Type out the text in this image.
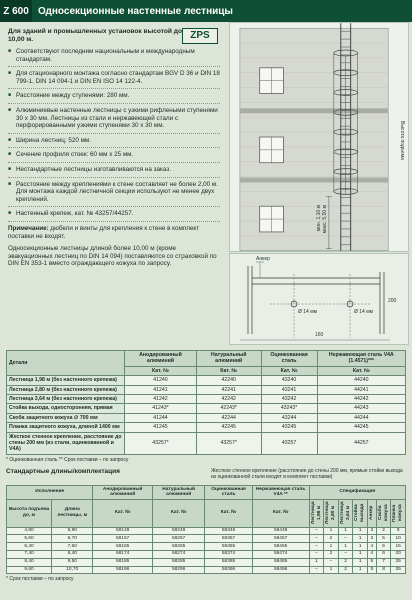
Z 600 Односекционные настенные лестницы
ZPS
Для зданий и промышленных установок высотой до 10,00 м.
■ Соответствуют последним национальным и международным стандартам.
■ Для стационарного монтажа согласно стандартам BGV D 36 и DIN 18 799-1, DIN 14 094-1 и DIN EN ISO 14 122-4.
■ Расстояние между ступенями: 280 мм.
■ Алюминиевые настенные лестницы с узкими рифлеными ступенями 30 х 30 мм. Лестницы из стали и нержавеющей стали с перфорированными узкими ступенями 30 х 30 мм.
■ Ширина лестниц: 520 мм.
■ Сечение профиля стоек: 60 мм х 25 мм.
■ Нестандартные лестницы изготавливаются на заказ.
■ Расстояние между креплениями к стене составляет не более 2,00 м. Для монтажа каждой лестничной секции используют не менее двух креплений.
■ Настенный крепеж, кат. № 43257/44257.
Примечание: дюбели и винты для крепления к стене в комплект поставки не входят.
Односекционные лестницы длиной более 10,00 м (кроме эвакуационных лестниц по DIN 14 094) поставляются со страховкой по DIN EN 353-1 вместо ограждающего кожуха по запросу.
Высота подъема
макс. 5,50 м
мин. 1,10 м
Анкер
Ø 14 мм	Ø 14 мм
160
200
Детали	Анодированный алюминий	Натуральный алюминий	Оцинкованная сталь	Нержавеющая сталь V4A (1.4571)***
	Кат. №	Кат. №	Кат. №	Кат. №
Лестница 1,98 м (без настенного крепежа)	41240	42240	43240	44240
Лестница 2,80 м (без настенного крепежа)	41241	42241	43241	44241
Лестница 3,64 м (без настенного крепежа)	41242	42242	43242	44242
Стойка выхода, односторонняя, прямая	41243*	42243*	43243*	44243
Скоба защитного кожуха ∅ 700 мм	41244	42244	43244	44244
Планка защитного кожуха, длиной 1400 мм	41245	42245	43245	44245
Жесткое стенное крепление, расстояние до стены 200 мм (из стали, оцинкованной и V4A)	43257*	43257*	43257	44257
* Оцинкованная сталь ** Срок поставки – по запросу
Стандартные длины/комплектация	Жесткое стенное крепление (расстояние до стены 200 мм, прямые стойки выхода из оцинкованной стали входят в комплект поставки)
Исполнение		Анодированный алюминий	Натуральный алюминий	Оцинкованная сталь	Нержавеющая сталь V4A **	Спецификация						
Высота подъема до, м	Длина лестницы, м	Кат. №	Кат. №	Кат. №	Кат. №	Лестница 1,98 м	Лестница 2,80 м	Лестница 3,64 м	Стойка выхода	Анкер	Скоба кожуха	Планка кожуха

4,80	5,90	58148	58248	58348	58448	–	1	1	1	3	2	8
5,60	6,70	58157	58257	58357	58457	–	2	–	1	3	5	10
6,40	7,60	58165	58265	58365	58465	–	1	1	1	4	5	15
7,40	8,40	58174	58274	58374	58474	–	2	–	1	4	6	20
8,40	9,50	58185	58285	58385	58485	1	–	2	1	5	7	25
9,60	10,70	58196	58296	58396	58496	–	1	2	1	5	8	25
* Срок поставки – по запросу
